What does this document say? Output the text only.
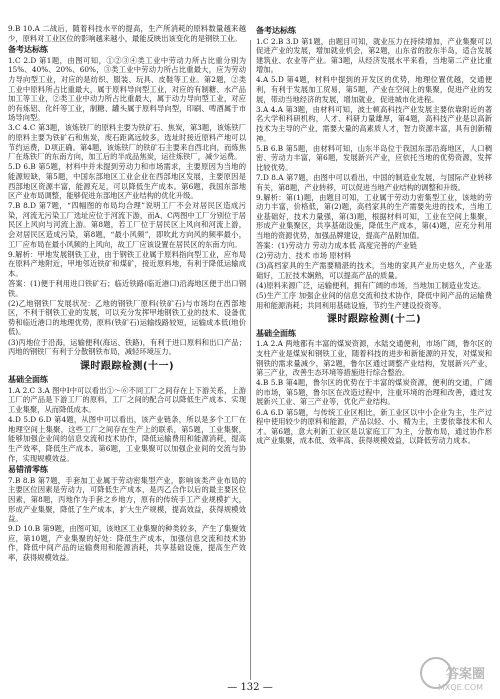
9.B 10.A 二战后，随着科技水平的提高，生产所消耗的原料数量越来越少，原料对工业区位的影响越来越小，最能反映出该变化的是钢铁工业。

备考达标练

1.C 2.D 第1题，由图可知，①②③④类工业中劳动力所占比重分别为15%、40%、20%、60%，③类工业中劳动力所占比重最大，应为劳动力导向型工业，对应的是纺织、服装、玩具、皮鞋等工业。第2题，②类工业中原料所占比重最大，属于原料导向型工业，对应的有制糖、水产品加工等工业，②类工业中动力所占比重最大，属于动力导向型工业，对应的有炼铝、化纤等工业，制糖、罐头属于原料导向型，印刷、啤酒属于市场导向型。

3.C 4.C 第3题，该炼铁厂的原料主要为铁矿石、焦炭，第3题，该炼铁厂的原料主要为铁矿石和焦炭，废石距离远较多，选址时接近原料产地可以节约运费，D项正确。第4题，该炼铁厂的铁矿石主要来自西北向，而炼焦厂在炼铁厂的东南方向，加工后的半成品焦炭，运往炼铁厂，减少运费。

5.D 6.B 第5题，材料中并未提到劳动力和市场需求，主要原因为当地的能源短缺，第5题，中国东部地区工业企业在西部地区发展，主要原因是西部地区资源丰富，能源充足，可以降低生产成本。第6题，我国东部地区产业布局调整，能够促进东部地区产业结构的优化升级。

7.B 8.D 第7题，“四幅图的布局均合理”说明工厂不会对居民区造成污染，河流无污染工厂选址应位于河流下游，而A、C两图中工厂分别位于居民区上风向与河流上游。第8题，若工厂位于居民区上风向和河流上游，会对居民区造成污染，第8题，“最小风频”，即吹此方向风的频率最小，工厂应布局在最小风频的上风向，故工厂应该设置在居民区的东南方向。

9.解析：甲地发展钢铁工业，由于钢铁工业属于原料指向型工业，应布局在原料产地附近，甲地邻近铁矿和煤矿，接近原料地，有利于降低运输成本。

答案：(1)便于利用进口铁矿石；临近铁路(临近港口)沿海地区便于出口钢铁。

(2)乙地钢铁厂发展状况：乙地的钢铁厂原料(铁矿石)与市场均在西部地区，不利于钢铁工业的发展，可以充分发挥甲地钢铁工业的技术、设备优势和临近港口的地理优势，原料(铁矿石)运输线路较短，运输成本低(地价低)。

(3)丙地位于沿海，运输便利(海运、铁路)，有利于进口原料和出口产品；丙地的钢铁厂有利于分散钢铁布局，减轻环境压力。

课时跟踪检测(十一)
基础全面练

1.A 2.C 3.A 图中Ⅰ中可以看出①～⑥不同工厂之间存在上下游关系，上游工厂的产品是下游工厂的原料，工厂之间的配合可以降低生产成本、实现工业集聚，从而降低成本。

4.D 5.D 6.D 第4题，从图中可以看出，该产业链条，所以是多个工厂在地理空间上集聚，这些工厂之间存在生产上的联系，第5题，工业集聚，能够加强企业间的信息交流和技术协作，降低运输费用和能源消耗，提高生产效率，降低生产成本。第6题，工业集聚可以加强企业间的交流与协作，实现规模效益。

易错清零练

7.B 8.B 第7题，手套加工业属于劳动密集型产业，影响该类产业布局的主要区位因素是劳动力，可降低生产成本，是丙乙合作以后的最主要区位因素，第8题，丙地作为手套之乡地方，原有的传统手工产业规模扩大，形成产业集聚，降低了生产成本，扩大生产规模，提高效益，获得规模效益。

9.D 10.B 第9题，由图可知，该地区工业集聚的种类较多，产生了集聚效应，第10题，产业集聚的好处：降低生产成本，加强信息交流和技术协作，降低中间产品的运输费用和能源消耗，共享基础设施，提高生产效率，获得规模效益。

备考达标练

1.C 2.B 3.D 第1题，由题目可知，就业压力在持续增加，产业集聚可以促进产业的发展，增加就业机会，第2题，山东省的胶东半岛，适合发展建筑业、农业等产业。第3题，从经济发展水平来看，当地第二产业比重增加。

4.A 5.D 第4题，材料中提到的开发区的优势，地理位置优越，交通便利，有利于发展加工贸易，第5题，产业在空间上的集聚，促进产业的发展，带动当地经济的发展，增加就业，促进城市化进程。

3.A 4.A 第3题，由材料可知，波士顿高科技产业发展主要依靠附近的著名大学和科研机构，人才、科研力量雄厚，第4题，高科技产业是以高新技术为主导的产业，需要大量的高素质人才，智力资源丰富，具有创新精神。

5.B 6.B 第5题，由材料可知，山东半岛位于我国东部沿海地区，人口稠密、劳动力丰富，第6题，发展新兴产业，应依托当地的优势资源，发挥比较优势。

7.D 8.A 第7题，由图中可以看出，中国的制造业发展，与国际产业转移有关，第8题，产业转移，可以促进当地产业结构的调整和升级。

9.解析：第(1)题，由题目可知，工业属于劳动力密集型工业，该地的劳动力丰富，价格低，第(2)题，高档家具的生产需要先进的技术，当地工业基础好，技术力量强，第(3)题，根据材料可知，工业在空间上集聚，形成产业集聚区，共享基础设施，降低生产成本，第(4)题，应充分利用当地的资源优势，加强品牌建设，提高产品附加值。

答案：(1)劳动力 劳动力成本低 高度完善的产业链

(2)劳动力、技术 市场 原材料

(3)高档家具的生产需要精湛的技术，当地的家具产业历史悠久，产业基础好，工匠技术娴熟，可以提高产品的质量。

(4)原料来源广泛，运输便利，拥有广阔的市场，当地加工制造业发达。

(5)生产工序 加强企业间的信息交流和技术协作，降低中间产品的运输费用和能源消耗；共同利用基础设施，节约生产建设投资等。

课时跟踪检测(十二)
基础全面练

1.A 2.A 两地都有丰富的煤炭资源，水陆交通便利，市场广阔，鲁尔区的支柱产业是煤炭和钢铁工业，随着科技的进步和新能源的开发，对煤炭和钢铁的需求量减少，第2题，鲁尔区通过调整产业结构，发展新兴产业，第三产业，改善生态环境等措施进行综合整治。

4.B 5.B 第4题，鲁尔区的优势在于丰富的煤炭资源，便利的交通，广阔的市场，第5题，鲁尔区在改造过程中，注重环境的治理和改善，通过发展新兴工业、第三产业等，优化产业结构。

6.A 6.D 第5题，与传统工业区相比，新工业区以中小企业为主，生产过程中使用较少的原料和能源，产品以轻、小、精为主，主要依靠技术和人才。第6题，意大利新工业区是以家庭工厂为主，分散布局，通过协作形成产业集聚，成本低、效率高、获得规模效益，以降低劳动力成本。

— 132 —
答案圈
MXQE.COM
